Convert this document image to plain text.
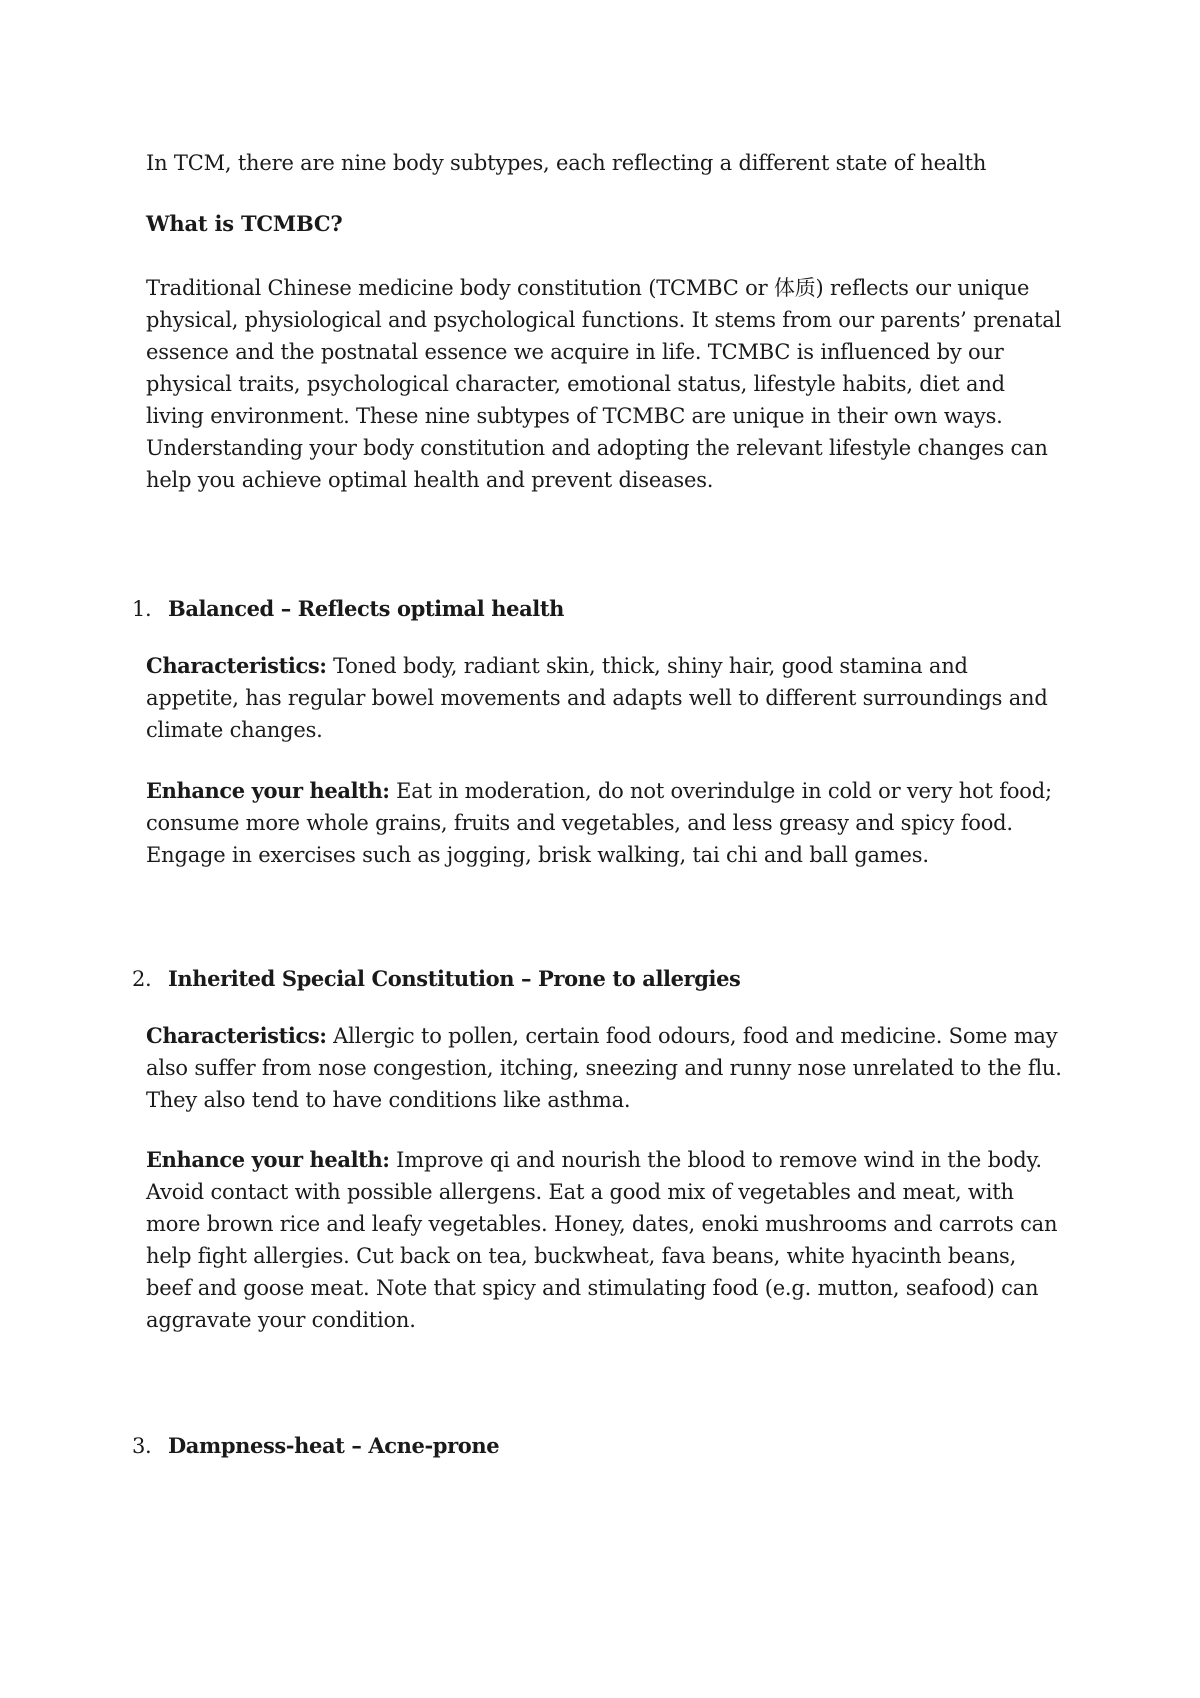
In TCM, there are nine body subtypes, each reflecting a different state of health
What is TCMBC?
Traditional Chinese medicine body constitution (TCMBC or 体质) reflects our unique physical, physiological and psychological functions. It stems from our parents’ prenatal essence and the postnatal essence we acquire in life. TCMBC is influenced by our physical traits, psychological character, emotional status, lifestyle habits, diet and living environment. These nine subtypes of TCMBC are unique in their own ways. Understanding your body constitution and adopting the relevant lifestyle changes can help you achieve optimal health and prevent diseases.
1. Balanced – Reflects optimal health
Characteristics: Toned body, radiant skin, thick, shiny hair, good stamina and appetite, has regular bowel movements and adapts well to different surroundings and climate changes.
Enhance your health: Eat in moderation, do not overindulge in cold or very hot food; consume more whole grains, fruits and vegetables, and less greasy and spicy food. Engage in exercises such as jogging, brisk walking, tai chi and ball games.
2. Inherited Special Constitution – Prone to allergies
Characteristics: Allergic to pollen, certain food odours, food and medicine. Some may also suffer from nose congestion, itching, sneezing and runny nose unrelated to the flu. They also tend to have conditions like asthma.
Enhance your health: Improve qi and nourish the blood to remove wind in the body. Avoid contact with possible allergens. Eat a good mix of vegetables and meat, with more brown rice and leafy vegetables. Honey, dates, enoki mushrooms and carrots can help fight allergies. Cut back on tea, buckwheat, fava beans, white hyacinth beans, beef and goose meat. Note that spicy and stimulating food (e.g. mutton, seafood) can aggravate your condition.
3. Dampness-heat – Acne-prone
